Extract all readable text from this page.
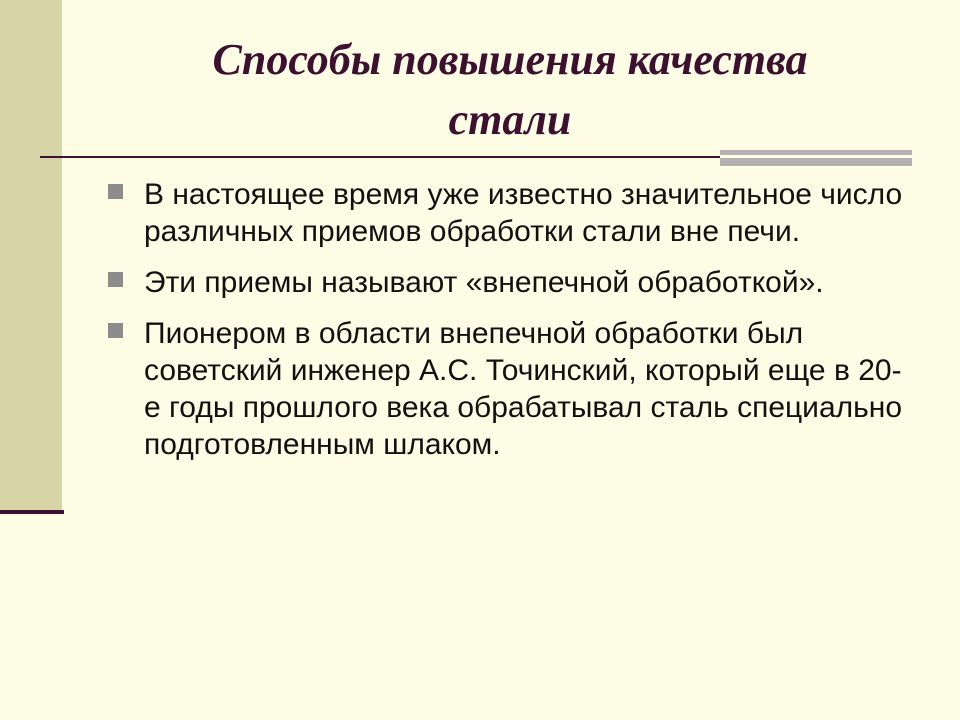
Способы повышения качества
стали
В настоящее время уже известно значительное число различных приемов обработки стали вне печи.
Эти приемы называют «внепечной обработкой».
Пионером в области внепечной обработки был советский инженер А.С. Точинский, который еще в 20-е годы прошлого века обрабатывал сталь специально подготовленным шлаком.
